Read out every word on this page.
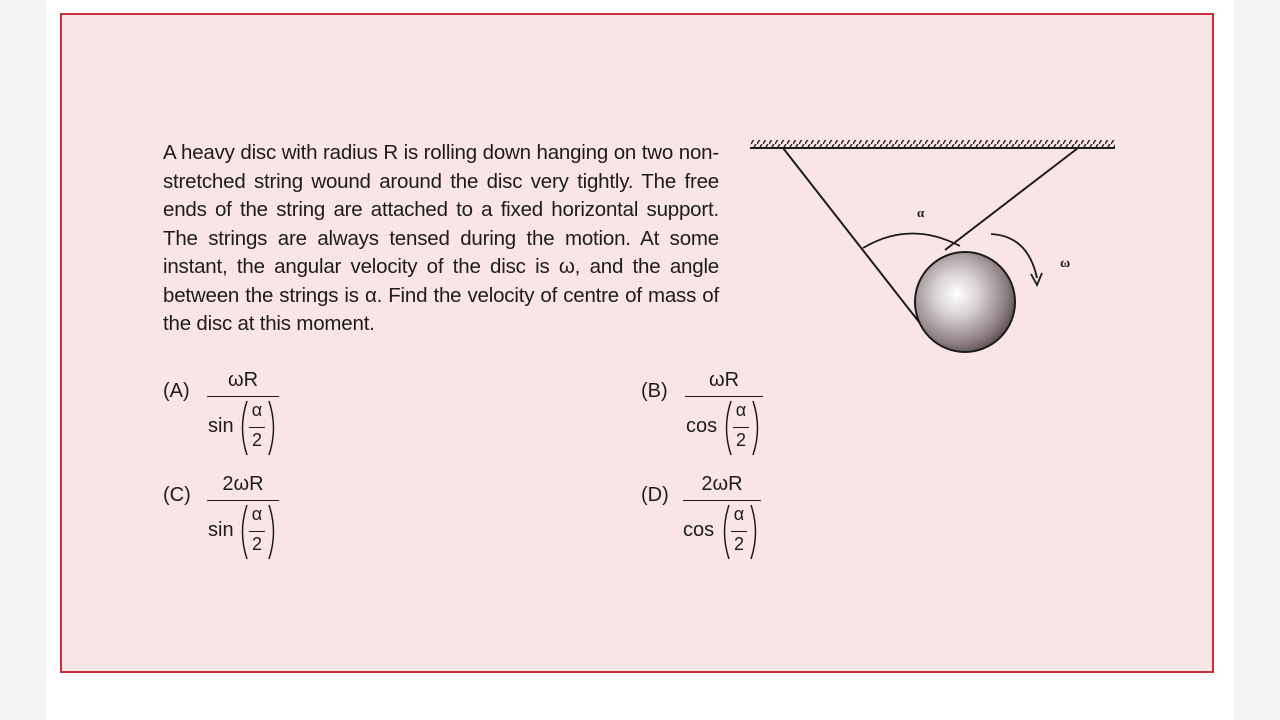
A heavy disc with radius R is rolling down hanging on two non-stretched string wound around the disc very tightly. The free ends of the string are attached to a fixed horizontal support. The strings are always tensed during the motion. At some instant, the angular velocity of the disc is ω, and the angle between the strings is α. Find the velocity of centre of mass of the disc at this moment.

(A)	ωR
sin
α
2
(B)	ωR
cos
α
2
(C)	2ωR
sin
α
2
(D)	2ωR
cos
α
2
α
ω
